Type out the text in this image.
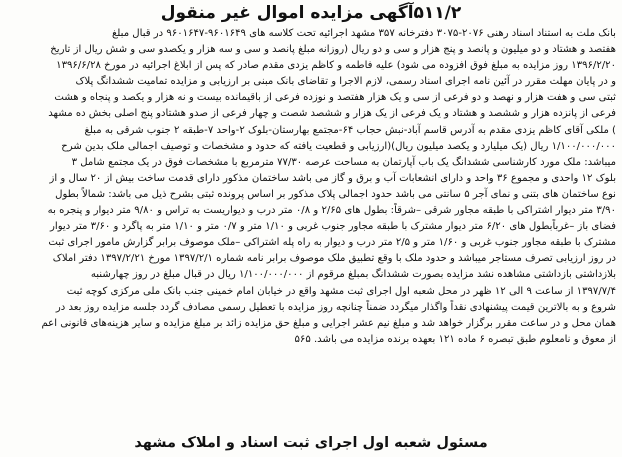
۵۱۱/۲آگهی مزایده اموال غیر منقول
بانک ملت به استناد اسناد رهنی ۲۰۷۶-۳۰۷۵ دفترخانه ۳۵۷ مشهد اجرائیه تحت کلاسه های ۹۶۰۱۶۴۹-۹۶۰۱۶۴۷ در قبال مبلغ
هفتصد و هشتاد و دو میلیون و پانصد و پنج هزار و سی و دو ریال (روزانه مبلغ پانصد و سی و سه هزار و یکصدو سی و شش ریال از تاریخ
۱۳۹۶/۲/۲۰ روز مزایده به مبلغ فوق افزوده می شود) علیه فاطمه و کاظم یزدی مقدم صادر که پس از ابلاغ اجرائیه در مورخ ۱۳۹۶/۶/۲۸
و در پایان مهلت مقرر در آئین نامه اجرای اسناد رسمی، لازم الاجرا و تقاضای بانک مبنی بر ارزیابی و مزایده تمامیت ششدانگ پلاک
ثبتی سی و هفت هزار و نهصد و دو فرعی از سی و یک هزار هفتصد و نوزده فرعی از باقیمانده بیست و نه هزار و یکصد و پنجاه و هشت
فرعی از پانزده هزار و ششصد و هشتاد و یک فرعی از یک هزار و ششصد شصت و چهار فرعی از صدو هشتادو پنج اصلی بخش ده مشهد
) ملکی آقای کاظم یزدی مقدم به آدرس قاسم آباد-نبش حجاب ۶۴-مجتمع بهارستان-بلوک ۲-واحد ۷-طبقه ۲ جنوب شرقی به مبلغ
۱/۱۰۰/۰۰۰/۰۰۰ ریال (یک میلیارد و یکصد میلیون ریال)(ارزیابی و قطعیت یافته که حدود و مشخصات و توصیف اجمالی ملک بدین شرح
میباشد: ملک مورد کارشناسی ششدانگ یک باب آپارتمان به مساحت عرصه ۷۷/۳۰ مترمربع با مشخصات فوق در یک مجتمع شامل ۳
بلوک ۱۲ واحدی و مجموع ۳۶ واحد و دارای انشعابات آب و برق و گاز می باشد ساختمان مذکور دارای قدمت ساخت بیش از ۲۰ سال و از
نوع ساختمان های بتنی و نمای آجر ۵ سانتی می باشد حدود اجمالی پلاک مذکور بر اساس پرونده ثبتی بشرح ذیل می باشد: شمالاً بطول
۳/۹۰ متر دیوار اشتراکی با طبقه مجاور شرقی –شرقاً: بطول های ۲/۶۵ و ۰/۸ متر درب و دیواریست به تراس و ۹/۸۰ متر دیوار و پنجره به
فضای باز –غرباًبطول های ۶/۲۰ متر دیوار مشترک با طبقه مجاور جنوب غربی و ۱/۱۰ متر و ۰/۷ متر و ۱/۱۰ متر به پاگرد و ۳/۶۰ متر دیوار
مشترک با طبقه مجاور جنوب غربی و ۱/۶۰ متر و ۲/۵ متر درب و دیوار به راه پله اشتراکی –ملک موصوف برابر گزارش مامور اجرای ثبت
در روز ارزیابی تصرف مستاجر میباشد و حدود ملک با وقع تطبیق ملک موصوف برابر نامه شماره ۱۳۹۷/۲/۱ مورخ ۱۳۹۷/۲/۲۱ دفتر املاک
بلازداشتی بازداشتی مشاهده نشد مزایده بصورت ششدانگ بمبلغ مرقوم از ۱/۱۰۰/۰۰۰/۰۰۰ ریال در قبال مبلغ در روز چهارشنبه
۱۳۹۷/۷/۴ از ساعت ۹ الی ۱۲ ظهر در محل شعبه اول اجرای ثبت مشهد واقع در خیابان امام خمینی جنب بانک ملی مرکزی کوچه ثبت
شروع و به بالاترین قیمت پیشنهادی نقداً واگذار میگردد ضمناً چنانچه روز مزایده با تعطیل رسمی مصادف گردد جلسه مزایده روز بعد در
همان محل و در ساعت مقرر برگزار خواهد شد و مبلغ نیم عشر اجرایی و مبلغ حق مزایده زائد بر مبلغ مزایده و سایر هزینه‌های قانونی اعم
از معوق و نامعلوم طبق تبصره ۶ ماده ۱۲۱ بعهده برنده مزایده می باشد. ۵۶۵
مسئول شعبه اول اجرای ثبت اسناد و املاک مشهد
